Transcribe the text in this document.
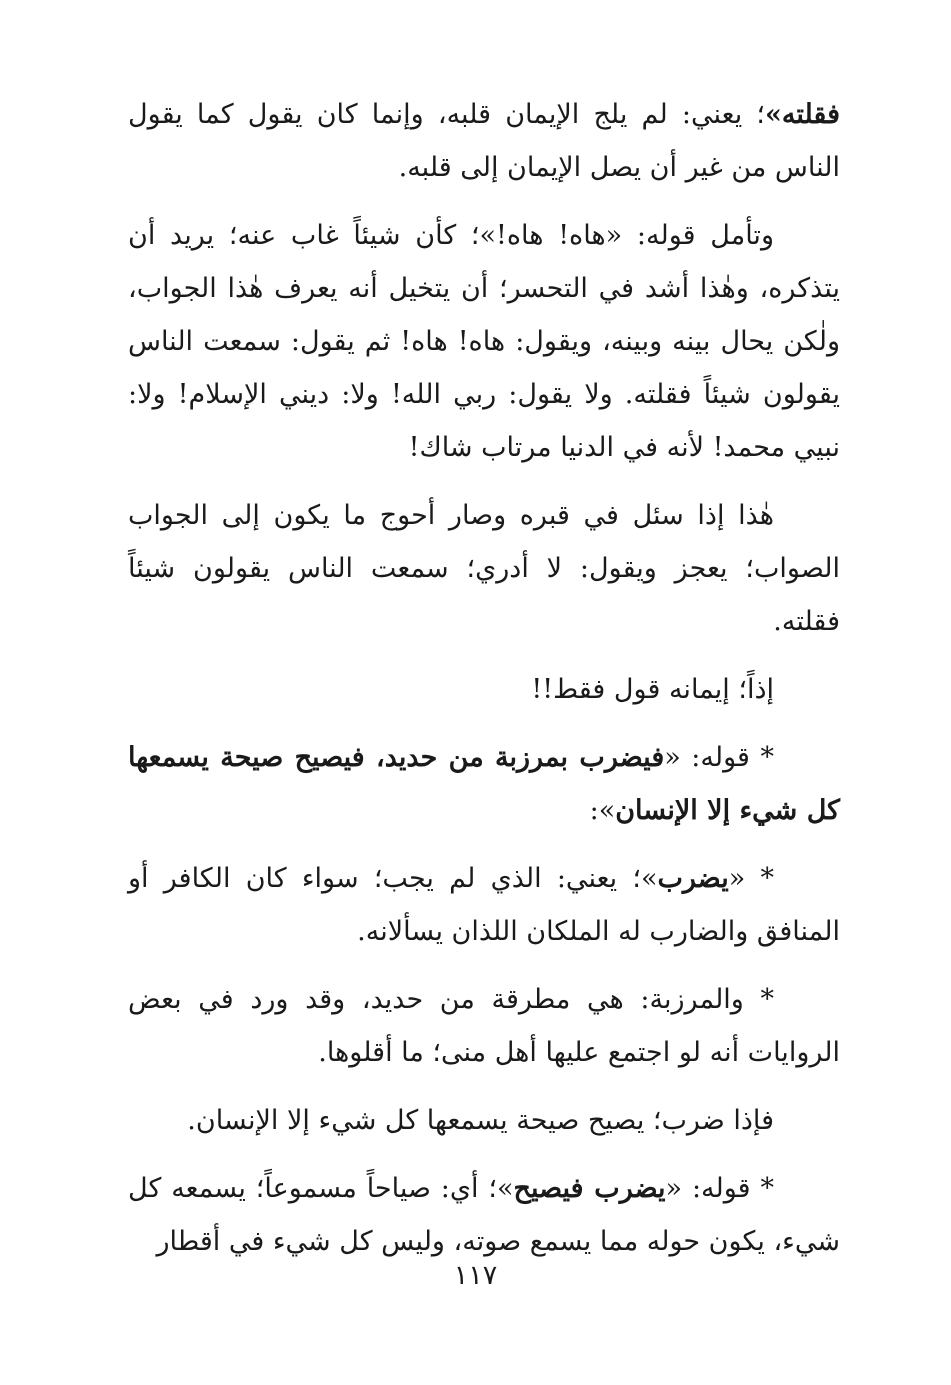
فقلته»؛ يعني: لم يلج الإيمان قلبه، وإنما كان يقول كما يقول الناس من غير أن يصل الإيمان إلى قلبه.

وتأمل قوله: «هاه! هاه!»؛ كأن شيئاً غاب عنه؛ يريد أن يتذكره، وهٰذا أشد في التحسر؛ أن يتخيل أنه يعرف هٰذا الجواب، ولٰكن يحال بينه وبينه، ويقول: هاه! هاه! ثم يقول: سمعت الناس يقولون شيئاً فقلته. ولا يقول: ربي الله! ولا: ديني الإسلام! ولا: نبيي محمد! لأنه في الدنيا مرتاب شاك!

هٰذا إذا سئل في قبره وصار أحوج ما يكون إلى الجواب الصواب؛ يعجز ويقول: لا أدري؛ سمعت الناس يقولون شيئاً فقلته.

إذاً؛ إيمانه قول فقط!!

* قوله: «فيضرب بمرزبة من حديد، فيصيح صيحة يسمعها كل شيء إلا الإنسان»:

* «يضرب»؛ يعني: الذي لم يجب؛ سواء كان الكافر أو المنافق والضارب له الملكان اللذان يسألانه.

* والمرزبة: هي مطرقة من حديد، وقد ورد في بعض الروايات أنه لو اجتمع عليها أهل منى؛ ما أقلوها.

فإذا ضرب؛ يصيح صيحة يسمعها كل شيء إلا الإنسان.

* قوله: «يضرب فيصيح»؛ أي: صياحاً مسموعاً؛ يسمعه كل شيء، يكون حوله مما يسمع صوته، وليس كل شيء في أقطار

١١٧
